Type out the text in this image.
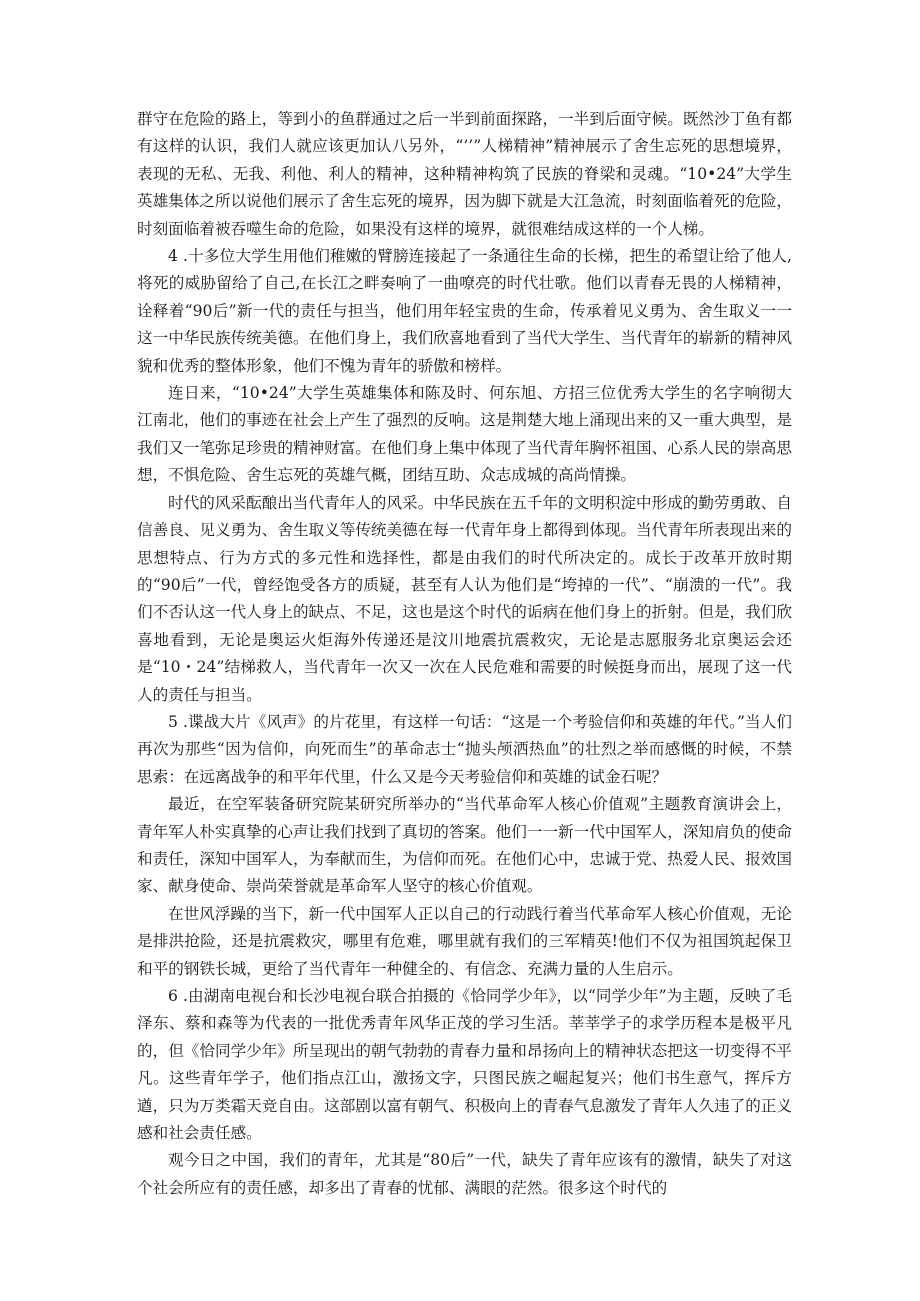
群守在危险的路上，等到小的鱼群通过之后一半到前面探路，一半到后面守候。既然沙丁鱼有都有这样的认识，我们人就应该更加认八另外，“’’”人梯精神”精神展示了舍生忘死的思想境界，表现的无私、无我、利他、利人的精神，这种精神构筑了民族的脊梁和灵魂。“10•24”大学生英雄集体之所以说他们展示了舍生忘死的境界，因为脚下就是大江急流，时刻面临着死的危险，时刻面临着被吞噬生命的危险，如果没有这样的境界，就很难结成这样的一个人梯。

4 .十多位大学生用他们稚嫩的臂膀连接起了一条通往生命的长梯，把生的希望让给了他人,将死的威胁留给了自己,在长江之畔奏响了一曲嘹亮的时代壮歌。他们以青春无畏的人梯精神，诠释着“90后”新一代的责任与担当，他们用年轻宝贵的生命，传承着见义勇为、舍生取义一一这一中华民族传统美德。在他们身上，我们欣喜地看到了当代大学生、当代青年的崭新的精神风貌和优秀的整体形象，他们不愧为青年的骄傲和榜样。

连日来，“10•24”大学生英雄集体和陈及时、何东旭、方招三位优秀大学生的名字响彻大江南北，他们的事迹在社会上产生了强烈的反响。这是荆楚大地上涌现出来的又一重大典型，是我们又一笔弥足珍贵的精神财富。在他们身上集中体现了当代青年胸怀祖国、心系人民的崇高思想，不惧危险、舍生忘死的英雄气概，团结互助、众志成城的高尚情操。

时代的风采酝酿出当代青年人的风采。中华民族在五千年的文明积淀中形成的勤劳勇敢、自信善良、见义勇为、舍生取义等传统美德在每一代青年身上都得到体现。当代青年所表现出来的思想特点、行为方式的多元性和选择性，都是由我们的时代所决定的。成长于改革开放时期的“90后”一代，曾经饱受各方的质疑，甚至有人认为他们是“垮掉的一代”、“崩溃的一代”。我们不否认这一代人身上的缺点、不足，这也是这个时代的诟病在他们身上的折射。但是，我们欣喜地看到，无论是奥运火炬海外传递还是汶川地震抗震救灾，无论是志愿服务北京奥运会还是“10・24”结梯救人，当代青年一次又一次在人民危难和需要的时候挺身而出，展现了这一代人的责任与担当。

5 .谍战大片《风声》的片花里，有这样一句话：“这是一个考验信仰和英雄的年代。”当人们再次为那些“因为信仰，向死而生”的革命志士“抛头颅洒热血”的壮烈之举而感慨的时候，不禁思索：在远离战争的和平年代里，什么又是今天考验信仰和英雄的试金石呢？

最近，在空军装备研究院某研究所举办的“当代革命军人核心价值观”主题教育演讲会上，青年军人朴实真挚的心声让我们找到了真切的答案。他们一一新一代中国军人，深知肩负的使命和责任，深知中国军人，为奉献而生，为信仰而死。在他们心中，忠诚于党、热爱人民、报效国家、献身使命、崇尚荣誉就是革命军人坚守的核心价值观。

在世风浮躁的当下，新一代中国军人正以自己的行动践行着当代革命军人核心价值观，无论是排洪抢险，还是抗震救灾，哪里有危难，哪里就有我们的三军精英!他们不仅为祖国筑起保卫和平的钢铁长城，更给了当代青年一种健全的、有信念、充满力量的人生启示。

6 .由湖南电视台和长沙电视台联合拍摄的《恰同学少年》，以“同学少年”为主题，反映了毛泽东、蔡和森等为代表的一批优秀青年风华正茂的学习生活。莘莘学子的求学历程本是极平凡的，但《恰同学少年》所呈现出的朝气勃勃的青春力量和昂扬向上的精神状态把这一切变得不平凡。这些青年学子，他们指点江山，激扬文字，只图民族之崛起复兴；他们书生意气，挥斥方遒，只为万类霜天竞自由。这部剧以富有朝气、积极向上的青春气息激发了青年人久违了的正义感和社会责任感。

观今日之中国，我们的青年，尤其是“80后”一代，缺失了青年应该有的激情，缺失了对这个社会所应有的责任感，却多出了青春的忧郁、满眼的茫然。很多这个时代的
